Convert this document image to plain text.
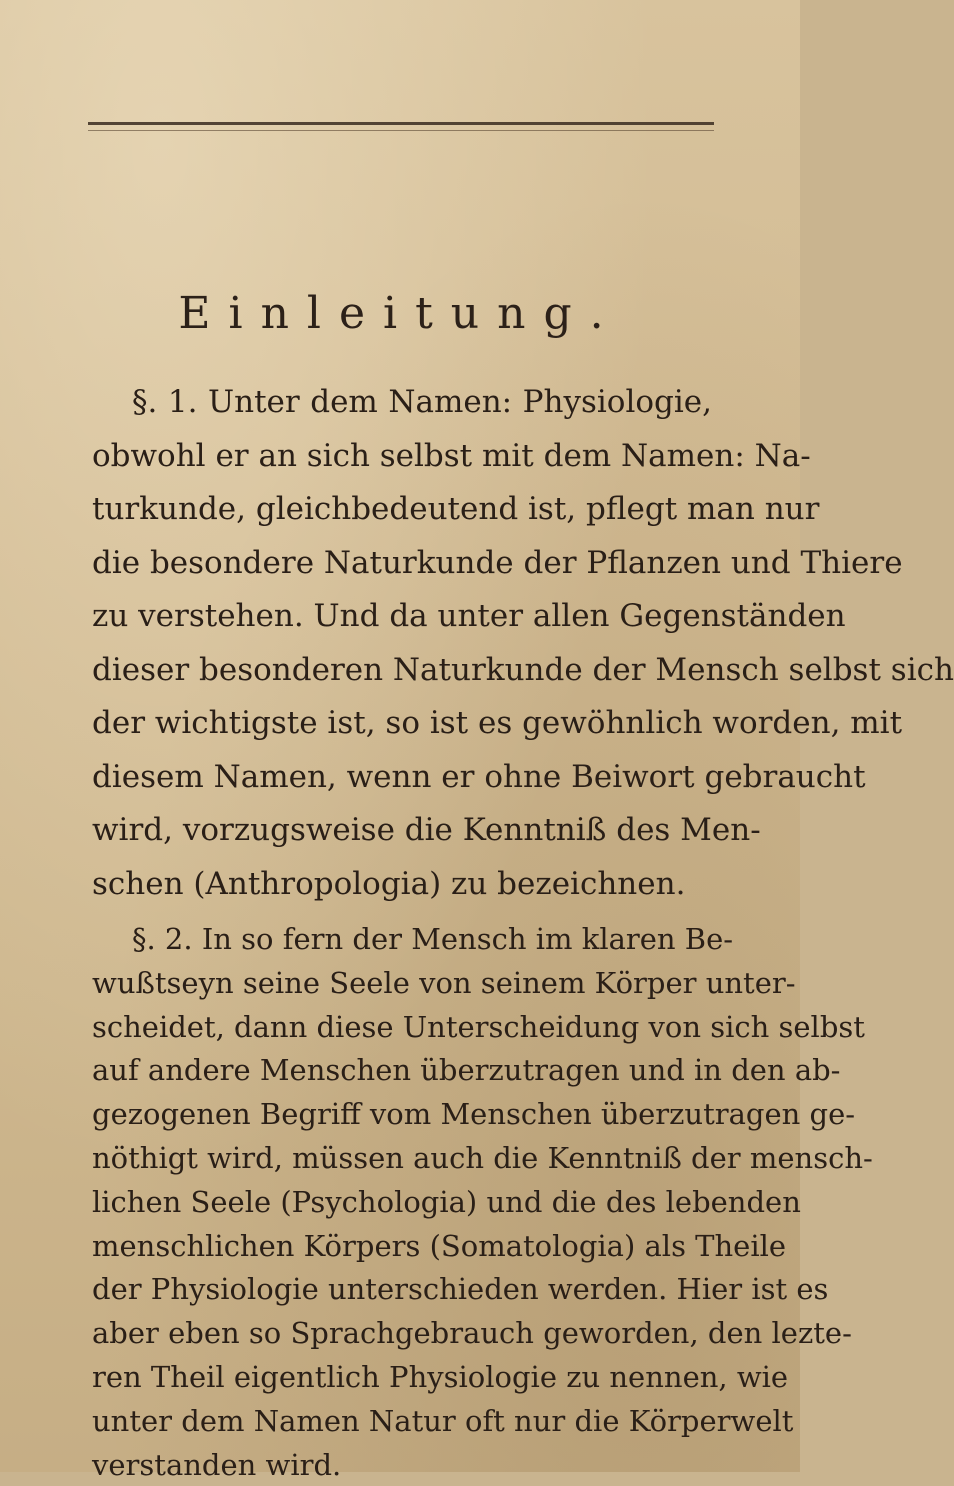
Einleitung.
§. 1. Unter dem Namen: Physiologie,
obwohl er an sich selbst mit dem Namen: Na-
turkunde, gleichbedeutend ist, pflegt man nur
die besondere Naturkunde der Pflanzen und Thiere
zu verstehen. Und da unter allen Gegenständen
dieser besonderen Naturkunde der Mensch selbst sich
der wichtigste ist, so ist es gewöhnlich worden, mit
diesem Namen, wenn er ohne Beiwort gebraucht
wird, vorzugsweise die Kenntniß des Men-
schen (Anthropologia) zu bezeichnen.
§. 2. In so fern der Mensch im klaren Be-
wußtseyn seine Seele von seinem Körper unter-
scheidet, dann diese Unterscheidung von sich selbst
auf andere Menschen überzutragen und in den ab-
gezogenen Begriff vom Menschen überzutragen ge-
nöthigt wird, müssen auch die Kenntniß der mensch-
lichen Seele (Psychologia) und die des lebenden
menschlichen Körpers (Somatologia) als Theile
der Physiologie unterschieden werden. Hier ist es
aber eben so Sprachgebrauch geworden, den lezte-
ren Theil eigentlich Physiologie zu nennen, wie
unter dem Namen Natur oft nur die Körperwelt
verstanden wird.
